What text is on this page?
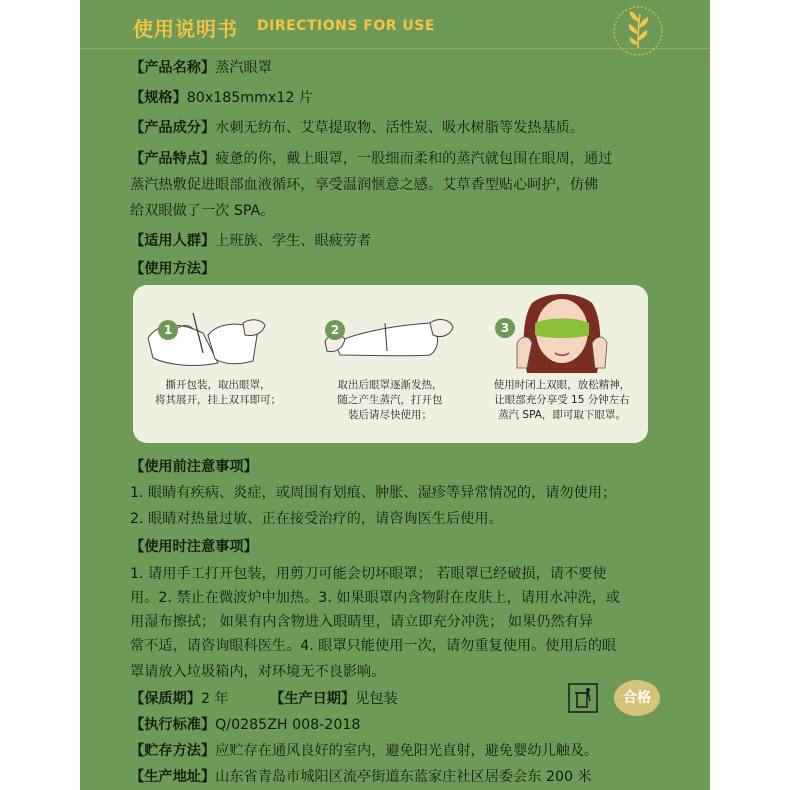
使用说明书 DIRECTIONS FOR USE
【产品名称】蒸汽眼罩
【规格】80x185mmx12 片
【产品成分】水刺无纺布、艾草提取物、活性炭、吸水树脂等发热基质。
【产品特点】疲惫的你，戴上眼罩，一股细而柔和的蒸汽就包围在眼周，通过
蒸汽热敷促进眼部血液循环，享受温润惬意之感。艾草香型贴心呵护，仿佛
给双眼做了一次 SPA。
【适用人群】上班族、学生、眼疲劳者
【使用方法】
1
撕开包装，取出眼罩，
将其展开，挂上双耳即可；
2
取出后眼罩逐渐发热，
随之产生蒸汽，打开包
装后请尽快使用；
3
使用时闭上双眼，放松精神，
让眼部充分享受 15 分钟左右
蒸汽 SPA，即可取下眼罩。
【使用前注意事项】
1. 眼睛有疾病、炎症，或周围有划痕、肿胀、湿疹等异常情况的，请勿使用；
2. 眼睛对热量过敏、正在接受治疗的，请咨询医生后使用。
【使用时注意事项】
1. 请用手工打开包装，用剪刀可能会切坏眼罩； 若眼罩已经破损，请不要使
用。2. 禁止在微波炉中加热。3. 如果眼罩内含物附在皮肤上，请用水冲洗，或
用湿布擦拭； 如果有内含物进入眼睛里，请立即充分冲洗； 如果仍然有异
常不适，请咨询眼科医生。4. 眼罩只能使用一次，请勿重复使用。使用后的眼
罩请放入垃圾箱内，对环境无不良影响。
【保质期】2 年	【生产日期】见包装
【执行标准】Q/0285ZH 008-2018
【贮存方法】应贮存在通风良好的室内，避免阳光直射，避免婴幼儿触及。
【生产地址】山东省青岛市城阳区流亭街道东蓝家庄社区居委会东 200 米
合格
